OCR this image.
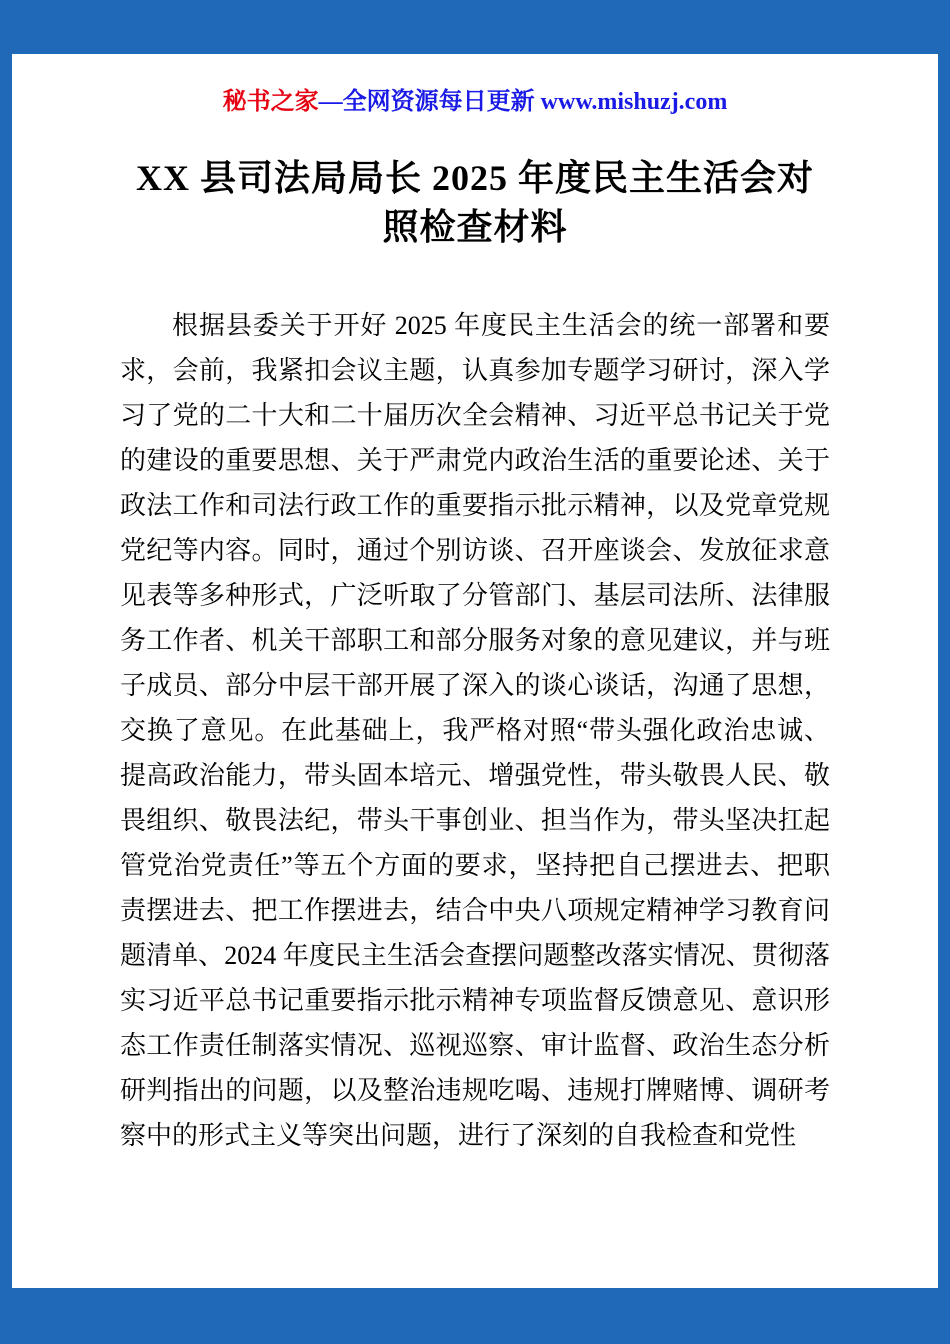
秘书之家—全网资源每日更新 www.mishuzj.com
XX 县司法局局长 2025 年度民主生活会对照检查材料

根据县委关于开好 2025 年度民主生活会的统一部署和要求，会前，我紧扣会议主题，认真参加专题学习研讨，深入学习了党的二十大和二十届历次全会精神、习近平总书记关于党的建设的重要思想、关于严肃党内政治生活的重要论述、关于政法工作和司法行政工作的重要指示批示精神，以及党章党规党纪等内容。同时，通过个别访谈、召开座谈会、发放征求意见表等多种形式，广泛听取了分管部门、基层司法所、法律服务工作者、机关干部职工和部分服务对象的意见建议，并与班子成员、部分中层干部开展了深入的谈心谈话，沟通了思想，交换了意见。在此基础上，我严格对照“带头强化政治忠诚、提高政治能力，带头固本培元、增强党性，带头敬畏人民、敬畏组织、敬畏法纪，带头干事创业、担当作为，带头坚决扛起管党治党责任”等五个方面的要求，坚持把自己摆进去、把职责摆进去、把工作摆进去，结合中央八项规定精神学习教育问题清单、2024 年度民主生活会查摆问题整改落实情况、贯彻落实习近平总书记重要指示批示精神专项监督反馈意见、意识形态工作责任制落实情况、巡视巡察、审计监督、政治生态分析研判指出的问题，以及整治违规吃喝、违规打牌赌博、调研考察中的形式主义等突出问题，进行了深刻的自我检查和党性
